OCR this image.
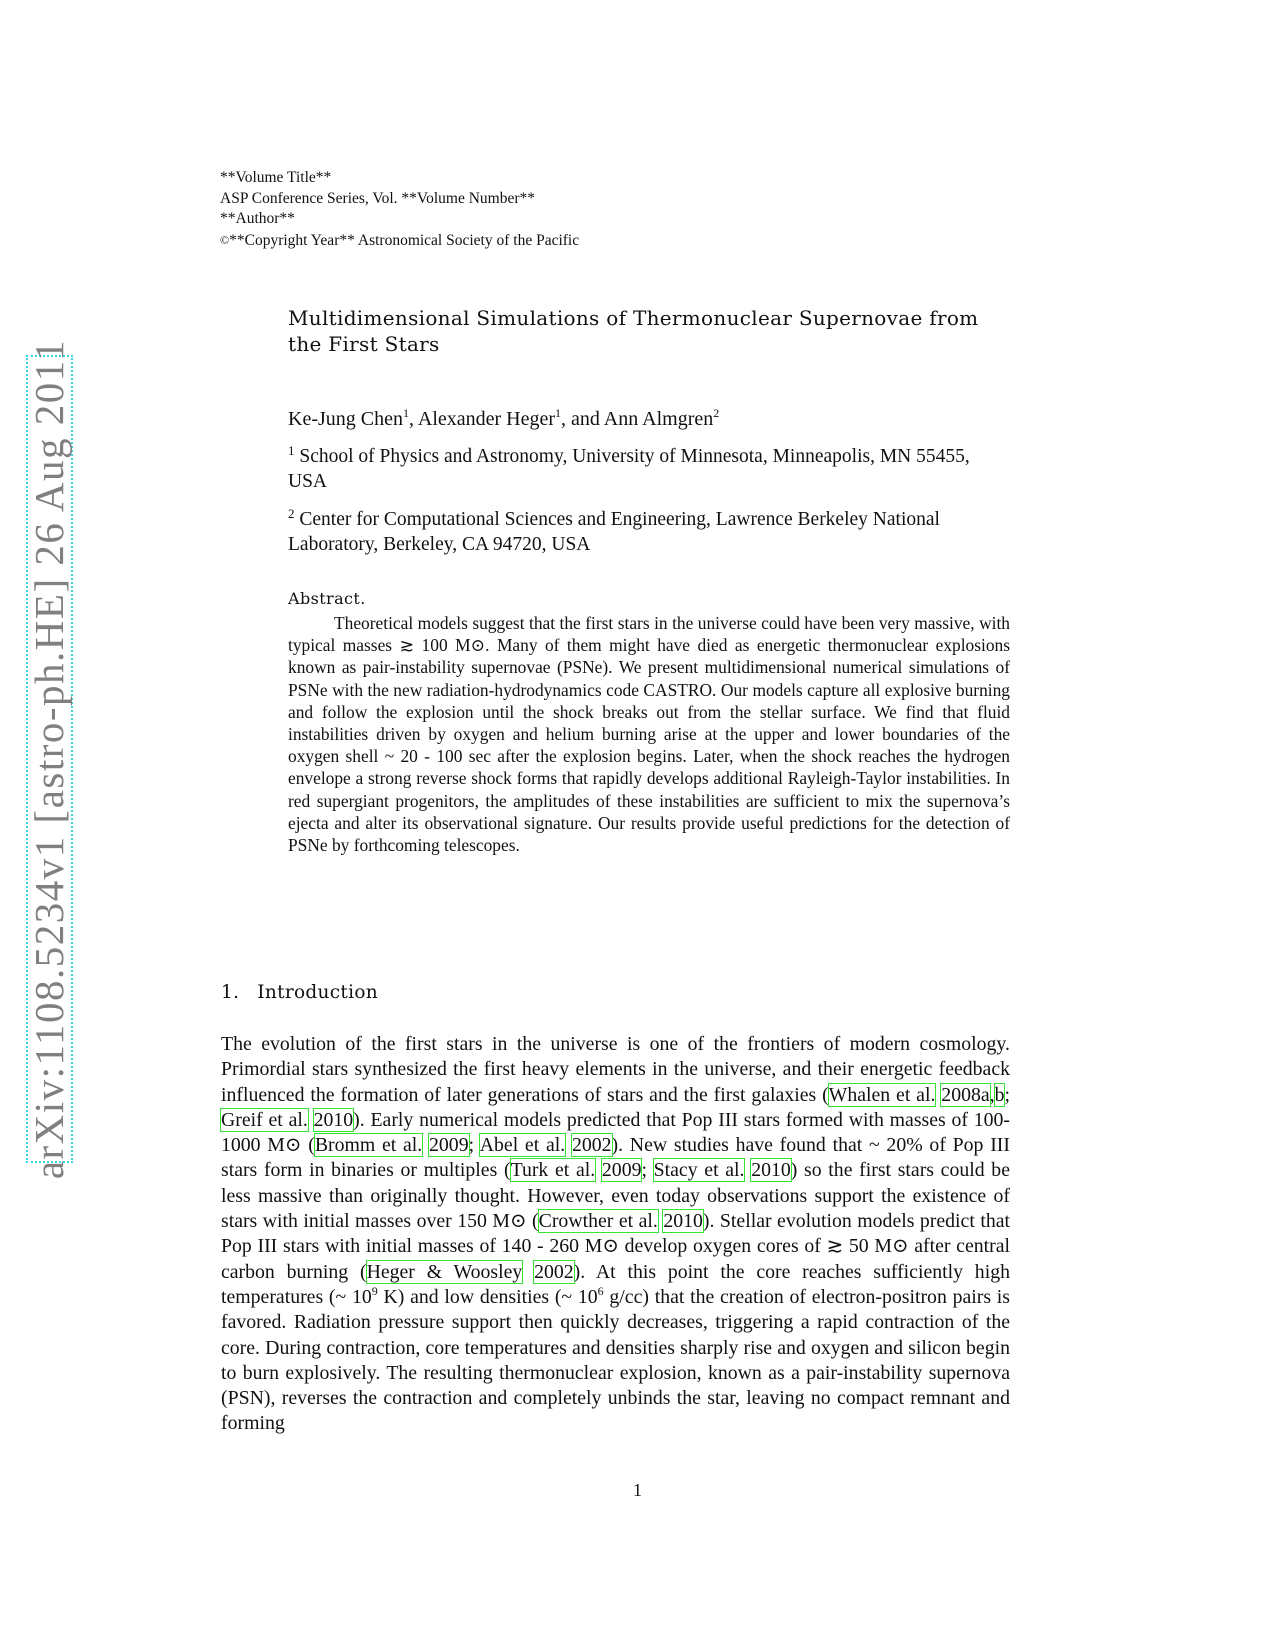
**Volume Title**
ASP Conference Series, Vol. **Volume Number**
**Author**
©**Copyright Year** Astronomical Society of the Pacific
arXiv:1108.5234v1 [astro-ph.HE] 26 Aug 2011
Multidimensional Simulations of Thermonuclear Supernovae from the First Stars
Ke-Jung Chen$^1$, Alexander Heger$^1$, and Ann Almgren$^2$
$^1$ School of Physics and Astronomy, University of Minnesota, Minneapolis, MN 55455, USA
$^2$ Center for Computational Sciences and Engineering, Lawrence Berkeley National Laboratory, Berkeley, CA 94720, USA
Abstract.
Theoretical models suggest that the first stars in the universe could have been very massive, with typical masses ≳ 100 M⊙. Many of them might have died as energetic thermonuclear explosions known as pair-instability supernovae (PSNe). We present multidimensional numerical simulations of PSNe with the new radiation-hydrodynamics code CASTRO. Our models capture all explosive burning and follow the explosion until the shock breaks out from the stellar surface. We find that fluid instabilities driven by oxygen and helium burning arise at the upper and lower boundaries of the oxygen shell ~ 20 - 100 sec after the explosion begins. Later, when the shock reaches the hydrogen envelope a strong reverse shock forms that rapidly develops additional Rayleigh-Taylor instabilities. In red supergiant progenitors, the amplitudes of these instabilities are sufficient to mix the supernova’s ejecta and alter its observational signature. Our results provide useful predictions for the detection of PSNe by forthcoming telescopes.
1. Introduction
The evolution of the first stars in the universe is one of the frontiers of modern cosmology. Primordial stars synthesized the first heavy elements in the universe, and their energetic feedback influenced the formation of later generations of stars and the first galaxies (Whalen et al. 2008a,b; Greif et al. 2010). Early numerical models predicted that Pop III stars formed with masses of 100-1000 M⊙ (Bromm et al. 2009; Abel et al. 2002). New studies have found that ~ 20% of Pop III stars form in binaries or multiples (Turk et al. 2009; Stacy et al. 2010) so the first stars could be less massive than originally thought. However, even today observations support the existence of stars with initial masses over 150 M⊙ (Crowther et al. 2010). Stellar evolution models predict that Pop III stars with initial masses of 140 - 260 M⊙ develop oxygen cores of ≳ 50 M⊙ after central carbon burning (Heger & Woosley 2002). At this point the core reaches sufficiently high temperatures (~ $10^9$ K) and low densities (~ $10^6$ g/cc) that the creation of electron-positron pairs is favored. Radiation pressure support then quickly decreases, triggering a rapid contraction of the core. During contraction, core temperatures and densities sharply rise and oxygen and silicon begin to burn explosively. The resulting thermonuclear explosion, known as a pair-instability supernova (PSN), reverses the contraction and completely unbinds the star, leaving no compact remnant and forming
1
